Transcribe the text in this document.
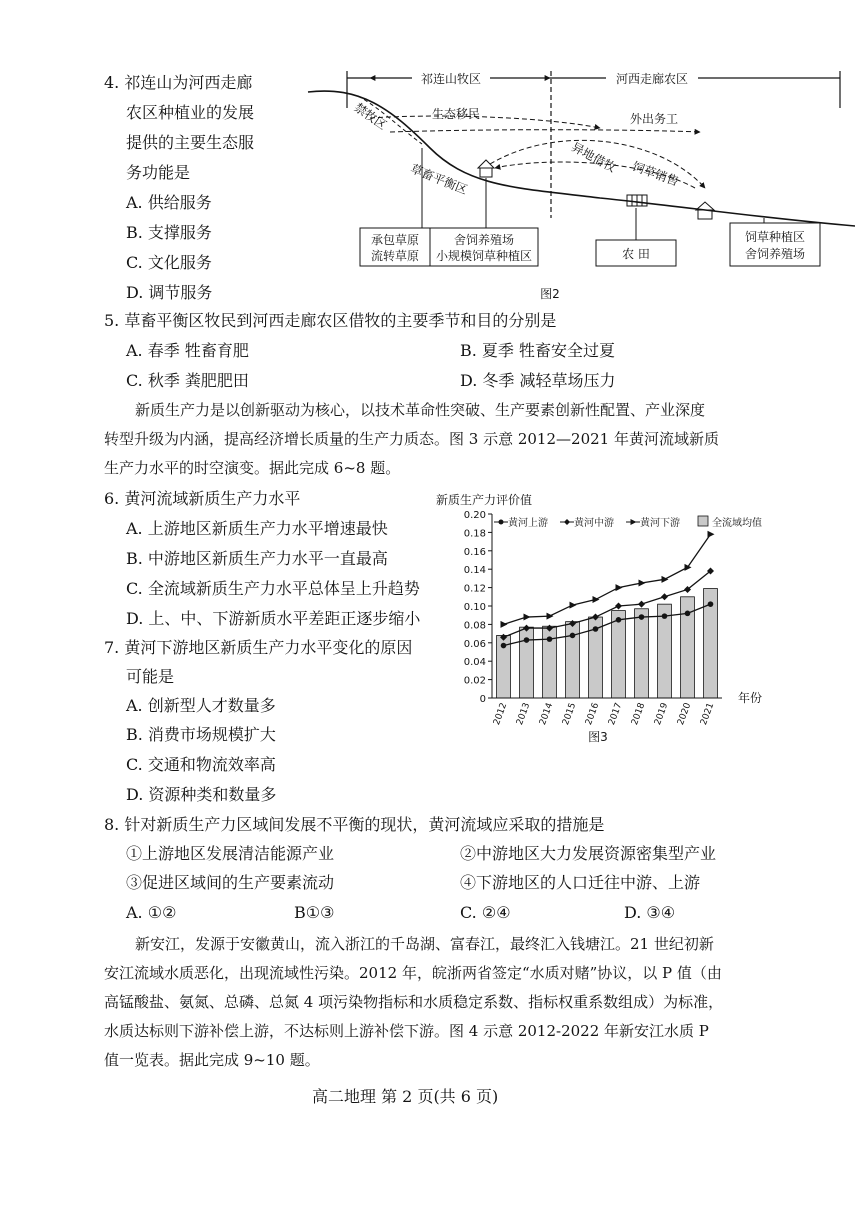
4. 祁连山为河西走廊
农区种植业的发展
提供的主要生态服
务功能是
A. 供给服务
B. 支撑服务
C. 文化服务
D. 调节服务
祁连山牧区	河西走廊农区
禁牧区
草畜平衡区
生态移民	外出务工
异地借牧 饲草销售
承包草原
流转草原
舍饲养殖场
小规模饲草种植区	农 田
饲草种植区
舍饲养殖场
图2
5. 草畜平衡区牧民到河西走廊农区借牧的主要季节和目的分别是
A. 春季 牲畜育肥	B. 夏季 牲畜安全过夏
C. 秋季 粪肥肥田	D. 冬季 减轻草场压力
新质生产力是以创新驱动为核心，以技术革命性突破、生产要素创新性配置、产业深度
转型升级为内涵，提高经济增长质量的生产力质态。图 3 示意 2012—2021 年黄河流域新质
生产力水平的时空演变。据此完成 6~8 题。
6. 黄河流域新质生产力水平
A. 上游地区新质生产力水平增速最快
B. 中游地区新质生产力水平一直最高
C. 全流域新质生产力水平总体呈上升趋势
D. 上、中、下游新质水平差距正逐步缩小
7. 黄河下游地区新质生产力水平变化的原因
可能是
A. 创新型人才数量多
B. 消费市场规模扩大
C. 交通和物流效率高
D. 资源种类和数量多
新质生产力评价值
黄河上游	黄河中游	黄河下游	全流域均值
0
0.02
0.04
0.06
0.08
0.10
0.12
0.14
0.16
0.18
0.20
2012 2013 2014 2015 2016 2017 2018 2019 2020 2021
年份
图3
8. 针对新质生产力区域间发展不平衡的现状，黄河流域应采取的措施是
①上游地区发展清洁能源产业	②中游地区大力发展资源密集型产业
③促进区域间的生产要素流动	④下游地区的人口迁往中游、上游
A. ①②	B①③	C. ②④	D. ③④
新安江，发源于安徽黄山，流入浙江的千岛湖、富春江，最终汇入钱塘江。21 世纪初新
安江流域水质恶化，出现流域性污染。2012 年，皖浙两省签定“水质对赌”协议，以 P 值（由
高锰酸盐、氨氮、总磷、总氮 4 项污染物指标和水质稳定系数、指标权重系数组成）为标准，
水质达标则下游补偿上游，不达标则上游补偿下游。图 4 示意 2012-2022 年新安江水质 P
值一览表。据此完成 9~10 题。
高二地理 第 2 页(共 6 页)
